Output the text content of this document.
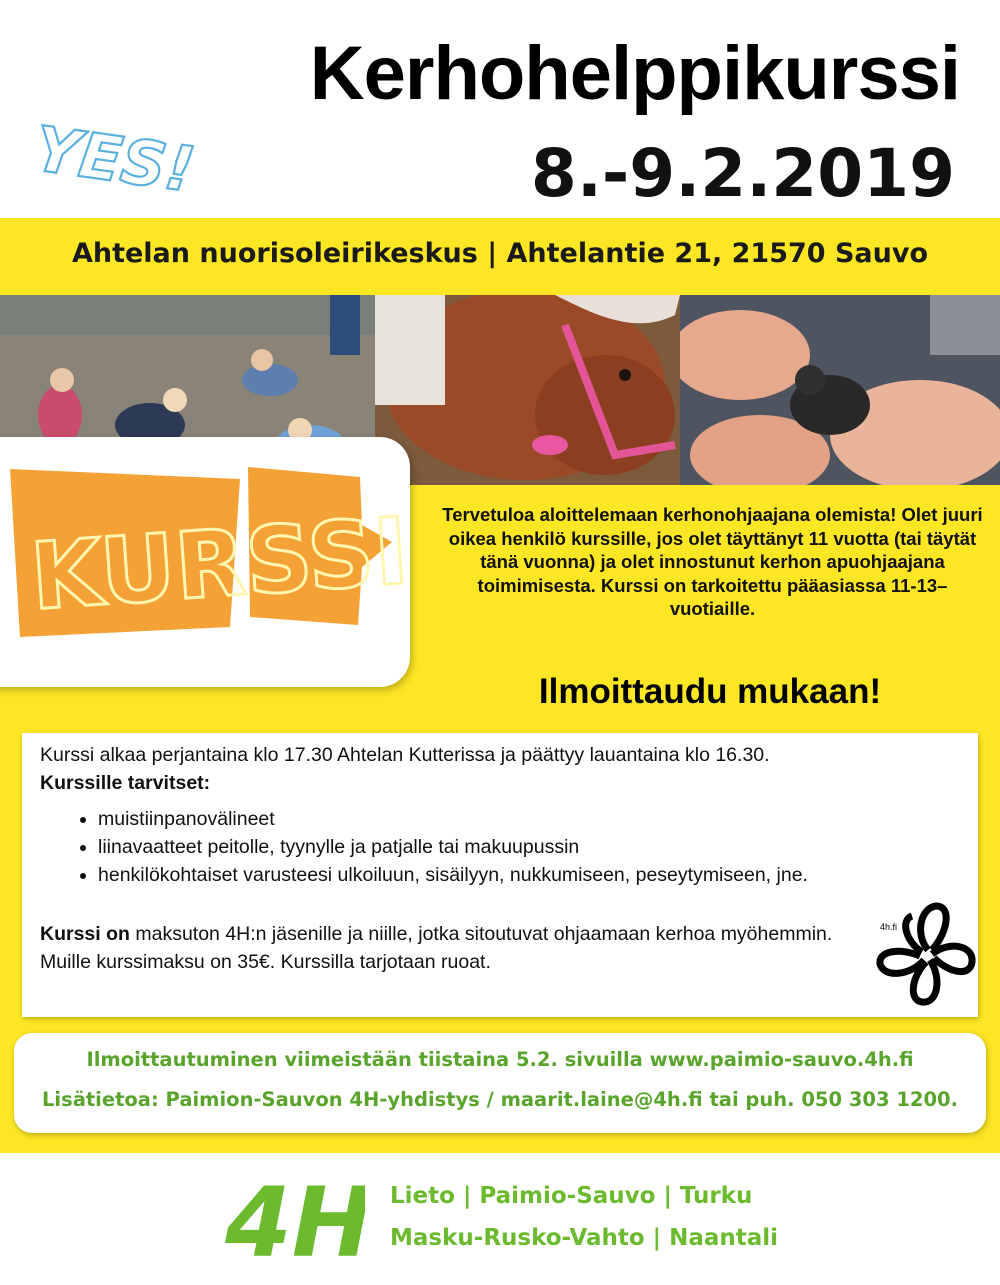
Kerhohelppikurssi
YES!	8.-9.2.2019
Ahtelan nuorisoleirikeskus | Ahtelantie 21, 21570 Sauvo
KURSSI Tervetuloa aloittelemaan kerhonohjaajana olemista! Olet juuri oikea henkilö kurssille, jos olet täyttänyt 11 vuotta (tai täytät tänä vuonna) ja olet innostunut kerhon apuohjaajana toimimisesta. Kurssi on tarkoitettu pääasiassa 11-13–vuotiaille.
Ilmoittaudu mukaan!
Kurssi alkaa perjantaina klo 17.30 Ahtelan Kutterissa ja päättyy lauantaina klo 16.30.
Kurssille tarvitset:
• muistiinpanovälineet
• liinavaatteet peitolle, tyynylle ja patjalle tai makuupussin
• henkilökohtaiset varusteesi ulkoiluun, sisäilyyn, nukkumiseen, peseytymiseen, jne.
Kurssi on maksuton 4H:n jäsenille ja niille, jotka sitoutuvat ohjaamaan kerhoa myöhemmin. Muille kurssimaksu on 35€. Kurssilla tarjotaan ruoat.
4h.fi
Ilmoittautuminen viimeistään tiistaina 5.2. sivuilla www.paimio-sauvo.4h.fi
Lisätietoa: Paimion-Sauvon 4H-yhdistys / maarit.laine@4h.fi tai puh. 050 303 1200.
4H Lieto | Paimio-Sauvo | Turku
Masku-Rusko-Vahto | Naantali
